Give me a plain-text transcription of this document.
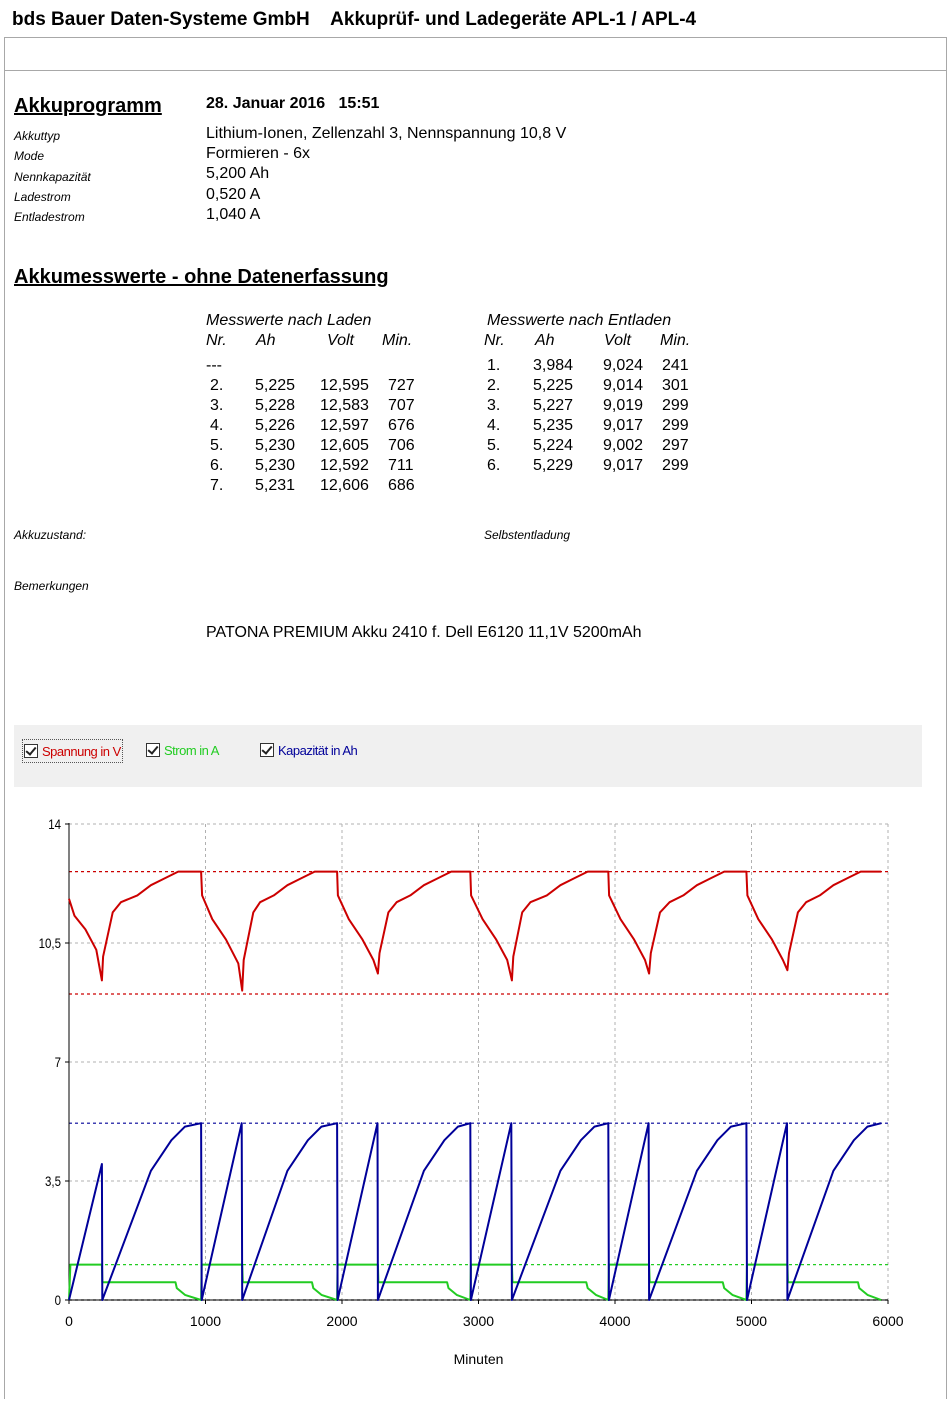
bds Bauer Daten-Systeme GmbH    Akkuprüf- und Ladegeräte APL-1 / APL-4
Akkuprogramm	28. Januar 2016   15:51
Akkuttyp	Lithium-Ionen, Zellenzahl 3, Nennspannung 10,8 V
Mode	Formieren - 6x
Nennkapazität	5,200 Ah
Ladestrom	0,520 A
Entladestrom	1,040 A
Akkumesswerte - ohne Datenerfassung
Messwerte nach Laden
Nr. Ah	Volt Min.
---
2. 5,225 12,595 727
3. 5,228 12,583 707
4. 5,226 12,597 676
5. 5,230 12,605 706
6. 5,230 12,592 711
7. 5,231 12,606 686
Messwerte nach Entladen
Nr. Ah	Volt Min.
1. 3,984 9,024 241
2. 5,225 9,014 301
3. 5,227 9,019 299
4. 5,235 9,017 299
5. 5,224 9,002 297
6. 5,229 9,017 299
Akkuzustand:	Selbstentladung
Bemerkungen
PATONA PREMIUM Akku 2410 f. Dell E6120 11,1V 5200mAh
Spannung in V	Strom in A	Kapazität in Ah
0
3,5
7
10,5
14
0	1000	2000	3000	4000	5000	6000
Minuten
